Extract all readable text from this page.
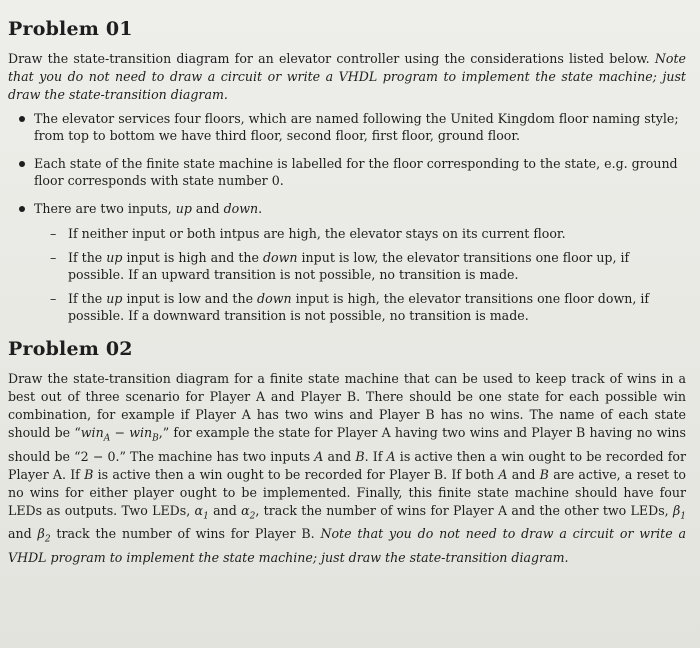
Problem 01

Draw the state-transition diagram for an elevator controller using the considerations listed below. Note that you do not need to draw a circuit or write a VHDL program to implement the state machine; just draw the state-transition diagram.

The elevator services four floors, which are named following the United Kingdom floor naming style; from top to bottom we have third floor, second floor, first floor, ground floor.
Each state of the finite state machine is labelled for the floor corresponding to the state, e.g. ground floor corresponds with state number 0.
There are two inputs, up and down.
– If neither input or both intpus are high, the elevator stays on its current floor.
– If the up input is high and the down input is low, the elevator transitions one floor up, if possible. If an upward transition is not possible, no transition is made.
– If the up input is low and the down input is high, the elevator transitions one floor down, if possible. If a downward transition is not possible, no transition is made.
Problem 02

Draw the state-transition diagram for a finite state machine that can be used to keep track of wins in a best out of three scenario for Player A and Player B. There should be one state for each possible win combination, for example if Player A has two wins and Player B has no wins. The name of each state should be “win$_A$ − win$_B$,” for example the state for Player A having two wins and Player B having no wins should be “2 − 0.” The machine has two inputs A and B. If A is active then a win ought to be recorded for Player A. If B is active then a win ought to be recorded for Player B. If both A and B are active, a reset to no wins for either player ought to be implemented. Finally, this finite state machine should have four LEDs as outputs. Two LEDs, $\alpha_1$ and $\alpha_2$, track the number of wins for Player A and the other two LEDs, $\beta_1$ and $\beta_2$ track the number of wins for Player B. Note that you do not need to draw a circuit or write a VHDL program to implement the state machine; just draw the state-transition diagram.
